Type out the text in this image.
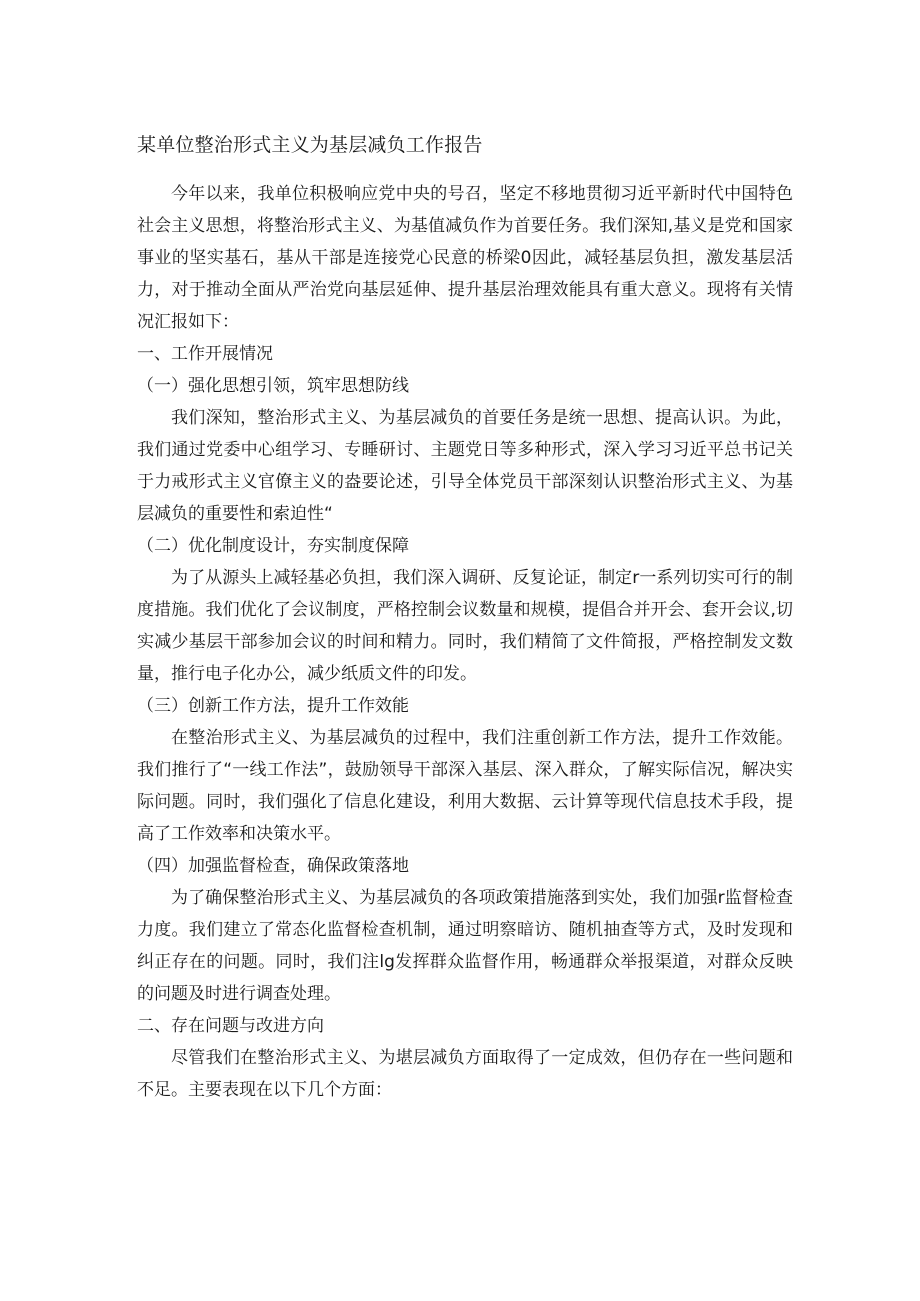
某单位整治形式主义为基层减负工作报告

今年以来，我单位积极响应党中央的号召，坚定不移地贯彻习近平新时代中国特色社会主义思想，将整治形式主义、为基值减负作为首要任务。我们深知,基义是党和国家事业的坚实基石，基从干部是连接党心民意的桥梁0因此，减轻基层负担，激发基层活力，对于推动全面从严治党向基层延伸、提升基层治理效能具有重大意义。现将有关情况汇报如下：

一、工作开展情况

（一）强化思想引领，筑牢思想防线

我们深知，整治形式主义、为基层减负的首要任务是统一思想、提高认识。为此，我们通过党委中心组学习、专睡研讨、主题党日等多种形式，深入学习习近平总书记关于力戒形式主义官僚主义的盎要论述，引导全体党员干部深刻认识整治形式主义、为基层减负的重要性和索迫性“

（二）优化制度设计，夯实制度保障

为了从源头上减轻基必负担，我们深入调研、反复论证，制定r一系列切实可行的制度措施。我们优化了会议制度，严格控制会议数量和规模，提倡合并开会、套开会议,切实减少基层干部参加会议的时间和精力。同时，我们精简了文件简报，严格控制发文数量，推行电子化办公，减少纸质文件的印发。

（三）创新工作方法，提升工作效能

在整治形式主义、为基层减负的过程中，我们注重创新工作方法，提升工作效能。我们推行了“一线工作法”，鼓励领导干部深入基层、深入群众，了解实际信况，解决实际问题。同时，我们强化了信息化建设，利用大数据、云计算等现代信息技术手段，提高了工作效率和决策水平。

（四）加强监督检查，确保政策落地

为了确保整治形式主义、为基层减负的各项政策措施落到实处，我们加强r监督检查力度。我们建立了常态化监督检查机制，通过明察暗访、随机抽查等方式，及时发现和纠正存在的问题。同时，我们注lg发挥群众监督作用，畅通群众举报渠道，对群众反映的问题及时进行调查处理。

二、存在问题与改进方向

尽管我们在整治形式主义、为堪层减负方面取得了一定成效，但仍存在一些问题和不足。主要表现在以下几个方面：
